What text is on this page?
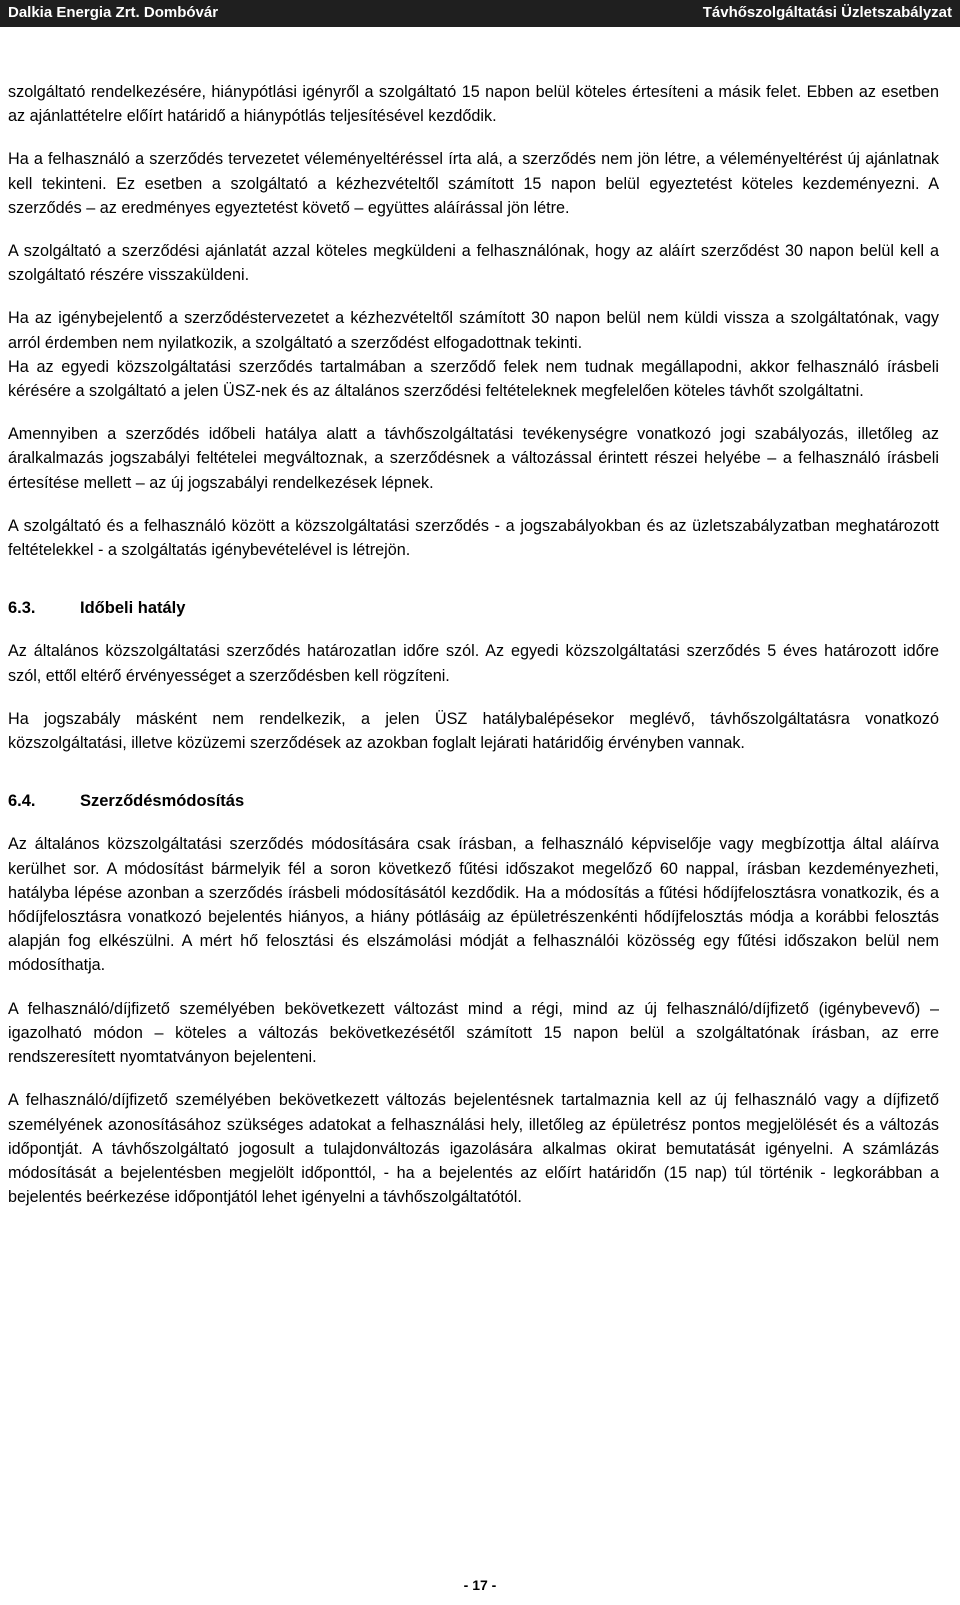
Dalkia Energia Zrt. Dombóvár	Távhőszolgáltatási Üzletszabályzat

szolgáltató rendelkezésére, hiánypótlási igényről a szolgáltató 15 napon belül köteles értesíteni a másik felet. Ebben az esetben az ajánlattételre előírt határidő a hiánypótlás teljesítésével kezdődik.

Ha a felhasználó a szerződés tervezetet véleményeltéréssel írta alá, a szerződés nem jön létre, a véleményeltérést új ajánlatnak kell tekinteni. Ez esetben a szolgáltató a kézhezvételtől számított 15 napon belül egyeztetést köteles kezdeményezni. A szerződés – az eredményes egyeztetést követő – együttes aláírással jön létre.

A szolgáltató a szerződési ajánlatát azzal köteles megküldeni a felhasználónak, hogy az aláírt szerződést 30 napon belül kell a szolgáltató részére visszaküldeni.

Ha az igénybejelentő a szerződéstervezetet a kézhezvételtől számított 30 napon belül nem küldi vissza a szolgáltatónak, vagy arról érdemben nem nyilatkozik, a szolgáltató a szerződést elfogadottnak tekinti.

Ha az egyedi közszolgáltatási szerződés tartalmában a szerződő felek nem tudnak megállapodni, akkor felhasználó írásbeli kérésére a szolgáltató a jelen ÜSZ-nek és az általános szerződési feltételeknek megfelelően köteles távhőt szolgáltatni.

Amennyiben a szerződés időbeli hatálya alatt a távhőszolgáltatási tevékenységre vonatkozó jogi szabályozás, illetőleg az áralkalmazás jogszabályi feltételei megváltoznak, a szerződésnek a változással érintett részei helyébe – a felhasználó írásbeli értesítése mellett – az új jogszabályi rendelkezések lépnek.

A szolgáltató és a felhasználó között a közszolgáltatási szerződés - a jogszabályokban és az üzletszabályzatban meghatározott feltételekkel - a szolgáltatás igénybevételével is létrejön.

6.3.	Időbeli hatály

Az általános közszolgáltatási szerződés határozatlan időre szól. Az egyedi közszolgáltatási szerződés 5 éves határozott időre szól, ettől eltérő érvényességet a szerződésben kell rögzíteni.

Ha jogszabály másként nem rendelkezik, a jelen ÜSZ hatálybalépésekor meglévő, távhőszolgáltatásra vonatkozó közszolgáltatási, illetve közüzemi szerződések az azokban foglalt lejárati határidőig érvényben vannak.

6.4.	Szerződésmódosítás

Az általános közszolgáltatási szerződés módosítására csak írásban, a felhasználó képviselője vagy megbízottja által aláírva kerülhet sor. A módosítást bármelyik fél a soron következő fűtési időszakot megelőző 60 nappal, írásban kezdeményezheti, hatályba lépése azonban a szerződés írásbeli módosításától kezdődik. Ha a módosítás a fűtési hődíjfelosztásra vonatkozik, és a hődíjfelosztásra vonatkozó bejelentés hiányos, a hiány pótlásáig az épületrészenkénti hődíjfelosztás módja a korábbi felosztás alapján fog elkészülni. A mért hő felosztási és elszámolási módját a felhasználói közösség egy fűtési időszakon belül nem módosíthatja.

A felhasználó/díjfizető személyében bekövetkezett változást mind a régi, mind az új felhasználó/díjfizető (igénybevevő) – igazolható módon – köteles a változás bekövetkezésétől számított 15 napon belül a szolgáltatónak írásban, az erre rendszeresített nyomtatványon bejelenteni.

A felhasználó/díjfizető személyében bekövetkezett változás bejelentésnek tartalmaznia kell az új felhasználó vagy a díjfizető személyének azonosításához szükséges adatokat a felhasználási hely, illetőleg az épületrész pontos megjelölését és a változás időpontját. A távhőszolgáltató jogosult a tulajdonváltozás igazolására alkalmas okirat bemutatását igényelni. A számlázás módosítását a bejelentésben megjelölt időponttól, - ha a bejelentés az előírt határidőn (15 nap) túl történik - legkorábban a bejelentés beérkezése időpontjától lehet igényelni a távhőszolgáltatótól.

- 17 -
